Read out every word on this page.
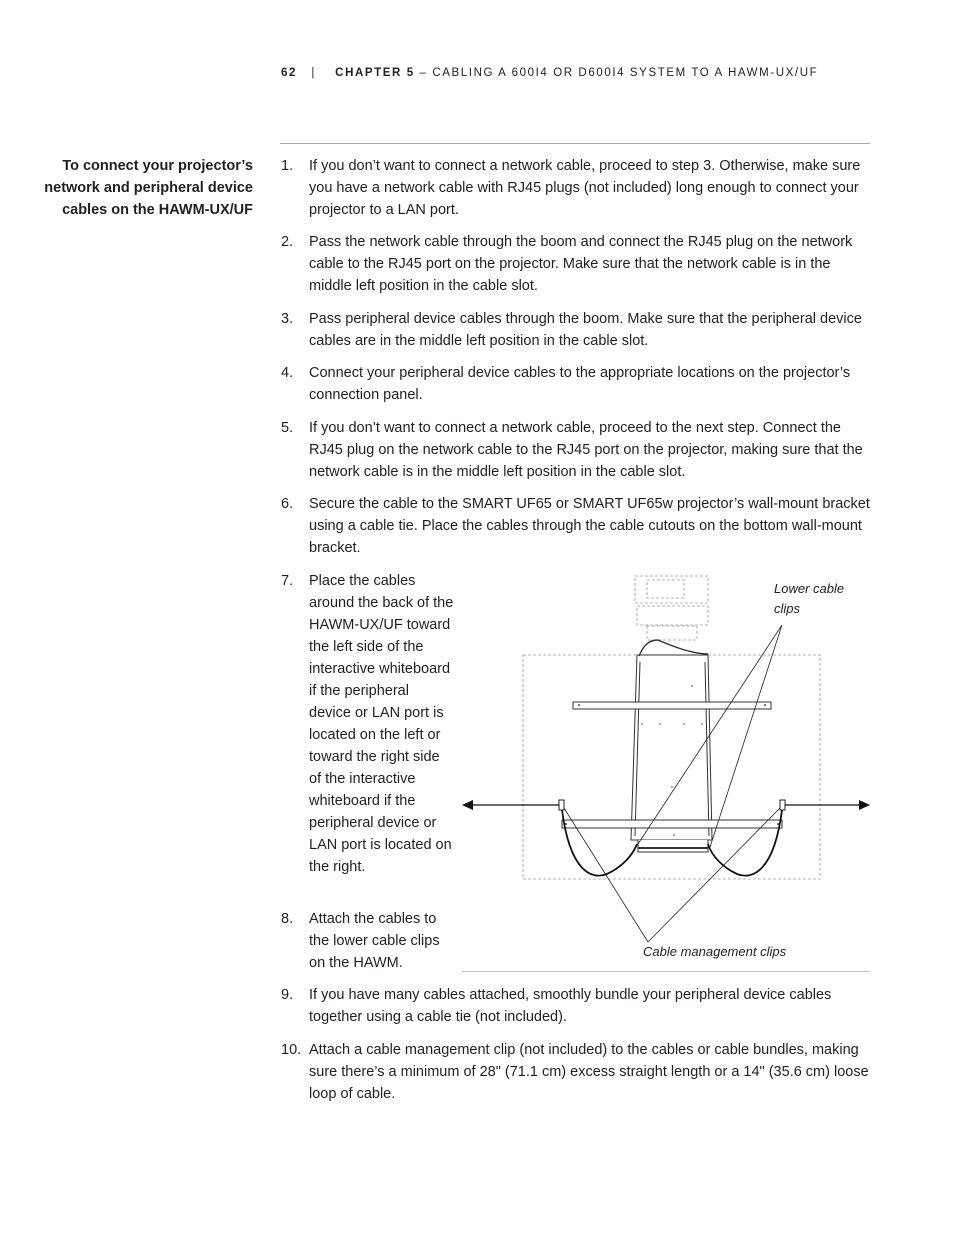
62 | CHAPTER 5 – CABLING A 600I4 OR D600I4 SYSTEM TO A HAWM-UX/UF
To connect your projector’s network and peripheral device cables on the HAWM-UX/UF
1. If you don’t want to connect a network cable, proceed to step 3. Otherwise, make sure you have a network cable with RJ45 plugs (not included) long enough to connect your projector to a LAN port.
2. Pass the network cable through the boom and connect the RJ45 plug on the network cable to the RJ45 port on the projector. Make sure that the network cable is in the middle left position in the cable slot.
3. Pass peripheral device cables through the boom. Make sure that the peripheral device cables are in the middle left position in the cable slot.
4. Connect your peripheral device cables to the appropriate locations on the projector’s connection panel.
5. If you don’t want to connect a network cable, proceed to the next step. Connect the RJ45 plug on the network cable to the RJ45 port on the projector, making sure that the network cable is in the middle left position in the cable slot.
6. Secure the cable to the SMART UF65 or SMART UF65w projector’s wall-mount bracket using a cable tie. Place the cables through the cable cutouts on the bottom wall-mount bracket.
7. Place the cables around the back of the HAWM-UX/UF toward the left side of the interactive whiteboard if the peripheral device or LAN port is located on the left or toward the right side of the interactive whiteboard if the peripheral device or LAN port is located on the right.
8. Attach the cables to the lower cable clips on the HAWM.
9. If you have many cables attached, smoothly bundle your peripheral device cables together using a cable tie (not included).
10. Attach a cable management clip (not included) to the cables or cable bundles, making sure there’s a minimum of 28" (71.1 cm) excess straight length or a 14" (35.6 cm) loose loop of cable.
Lower cable clips
Cable management clips
